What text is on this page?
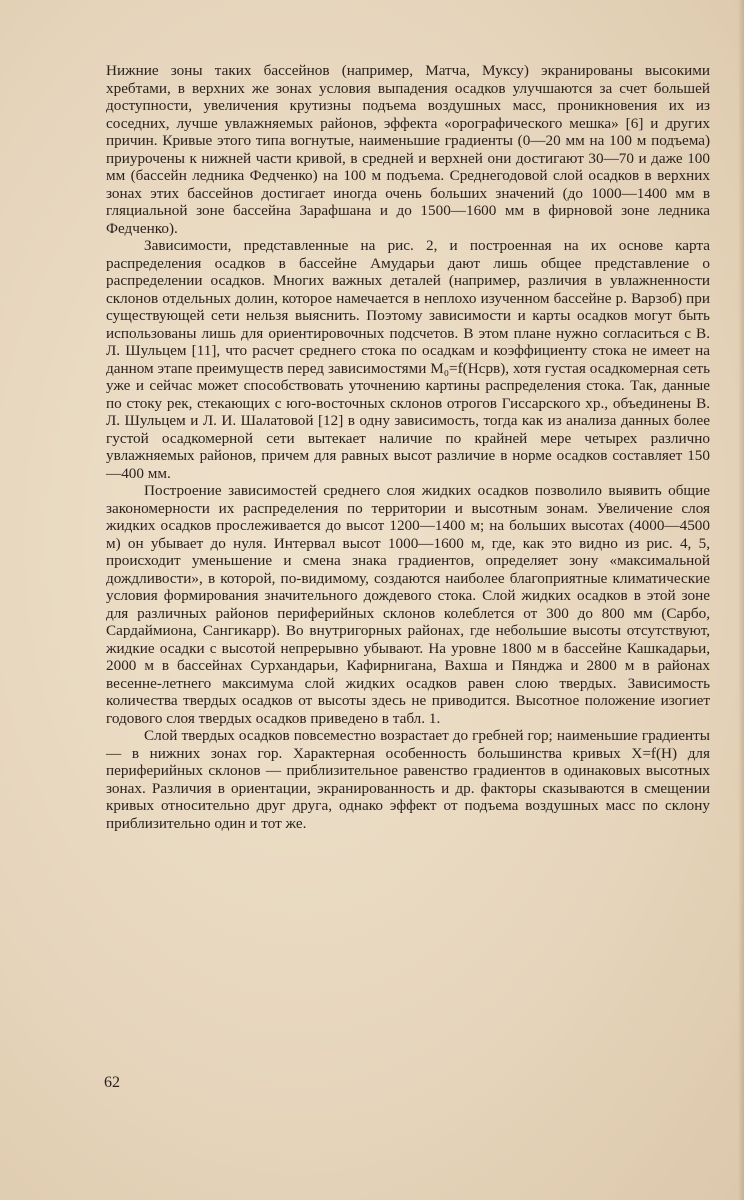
Нижние зоны таких бассейнов (например, Матча, Муксу) экранированы высокими хребтами, в верхних же зонах условия выпадения осадков улучшаются за счет большей доступности, увеличения крутизны подъема воздушных масс, проникновения их из соседних, лучше увлажняемых районов, эффекта «орографического мешка» [6] и других причин. Кривые этого типа вогнутые, наименьшие градиенты (0—20 мм на 100 м подъема) приурочены к нижней части кривой, в средней и верхней они достигают 30—70 и даже 100 мм (бассейн ледника Федченко) на 100 м подъема. Среднегодовой слой осадков в верхних зонах этих бассейнов достигает иногда очень больших значений (до 1000—1400 мм в гляциальной зоне бассейна Зарафшана и до 1500—1600 мм в фирновой зоне ледника Федченко).

Зависимости, представленные на рис. 2, и построенная на их основе карта распределения осадков в бассейне Амударьи дают лишь общее представление о распределении осадков. Многих важных деталей (например, различия в увлажненности склонов отдельных долин, которое намечается в неплохо изученном бассейне р. Варзоб) при существующей сети нельзя выяснить. Поэтому зависимости и карты осадков могут быть использованы лишь для ориентировочных подсчетов. В этом плане нужно согласиться с В. Л. Шульцем [11], что расчет среднего стока по осадкам и коэффициенту стока не имеет на данном этапе преимуществ перед зависимостями M₀=f(Hсрв), хотя густая осадкомерная сеть уже и сейчас может способствовать уточнению картины распределения стока. Так, данные по стоку рек, стекающих с юго-восточных склонов отрогов Гиссарского хр., объединены В. Л. Шульцем и Л. И. Шалатовой [12] в одну зависимость, тогда как из анализа данных более густой осадкомерной сети вытекает наличие по крайней мере четырех различно увлажняемых районов, причем для равных высот различие в норме осадков составляет 150—400 мм.

Построение зависимостей среднего слоя жидких осадков позволило выявить общие закономерности их распределения по территории и высотным зонам. Увеличение слоя жидких осадков прослеживается до высот 1200—1400 м; на больших высотах (4000—4500 м) он убывает до нуля. Интервал высот 1000—1600 м, где, как это видно из рис. 4, 5, происходит уменьшение и смена знака градиентов, определяет зону «максимальной дождливости», в которой, по-видимому, создаются наиболее благоприятные климатические условия формирования значительного дождевого стока. Слой жидких осадков в этой зоне для различных районов периферийных склонов колеблется от 300 до 800 мм (Сарбо, Сардаймиона, Сангикарр). Во внутригорных районах, где небольшие высоты отсутствуют, жидкие осадки с высотой непрерывно убывают. На уровне 1800 м в бассейне Кашкадарьи, 2000 м в бассейнах Сурхандарьи, Кафирнигана, Вахша и Пянджа и 2800 м в районах весенне-летнего максимума слой жидких осадков равен слою твердых. Зависимость количества твердых осадков от высоты здесь не приводится. Высотное положение изогиет годового слоя твердых осадков приведено в табл. 1.

Слой твердых осадков повсеместно возрастает до гребней гор; наименьшие градиенты — в нижних зонах гор. Характерная особенность большинства кривых X=f(H) для периферийных склонов — приблизительное равенство градиентов в одинаковых высотных зонах. Различия в ориентации, экранированность и др. факторы сказываются в смещении кривых относительно друг друга, однако эффект от подъема воздушных масс по склону приблизительно один и тот же.

62
